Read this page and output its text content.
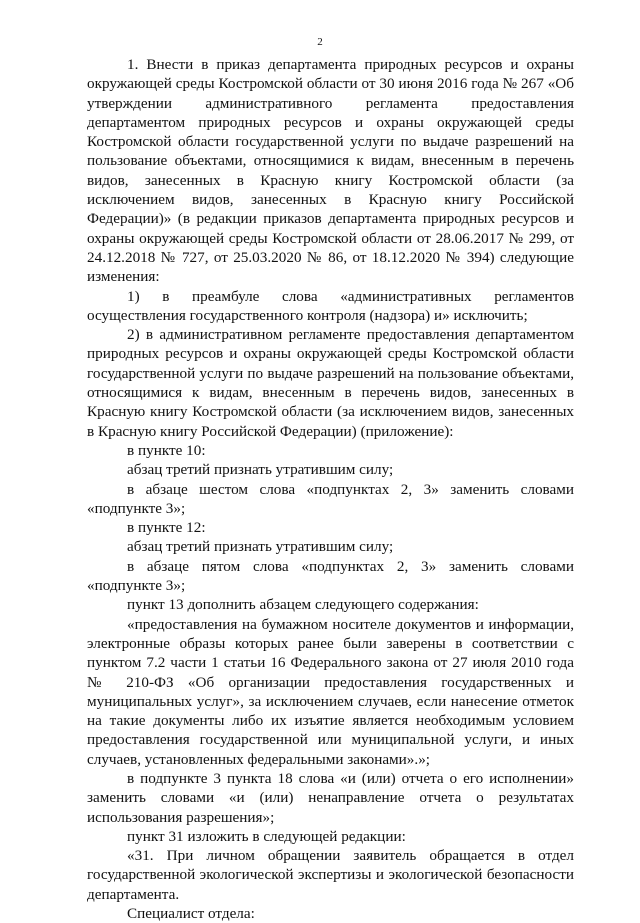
2

1. Внести в приказ департамента природных ресурсов и охраны окружающей среды Костромской области от 30 июня 2016 года № 267 «Об утверждении административного регламента предоставления департаментом природных ресурсов и охраны окружающей среды Костромской области государственной услуги по выдаче разрешений на пользование объектами, относящимися к видам, внесенным в перечень видов, занесенных в Красную книгу Костромской области (за исключением видов, занесенных в Красную книгу Российской Федерации)» (в редакции приказов департамента природных ресурсов и охраны окружающей среды Костромской области от 28.06.2017 № 299, от 24.12.2018 № 727, от 25.03.2020 № 86, от 18.12.2020 № 394) следующие изменения:

1) в преамбуле слова «административных регламентов осуществления государственного контроля (надзора) и» исключить;

2) в административном регламенте предоставления департаментом природных ресурсов и охраны окружающей среды Костромской области государственной услуги по выдаче разрешений на пользование объектами, относящимися к видам, внесенным в перечень видов, занесенных в Красную книгу Костромской области (за исключением видов, занесенных в Красную книгу Российской Федерации) (приложение):

в пункте 10:

абзац третий признать утратившим силу;

в абзаце шестом слова «подпунктах 2, 3» заменить словами «подпункте 3»;

в пункте 12:

абзац третий признать утратившим силу;

в абзаце пятом слова «подпунктах 2, 3» заменить словами «подпункте 3»;

пункт 13 дополнить абзацем следующего содержания:

«предоставления на бумажном носителе документов и информации, электронные образы которых ранее были заверены в соответствии с пунктом 7.2 части 1 статьи 16 Федерального закона от 27 июля 2010 года № 210-ФЗ «Об организации предоставления государственных и муниципальных услуг», за исключением случаев, если нанесение отметок на такие документы либо их изъятие является необходимым условием предоставления государственной или муниципальной услуги, и иных случаев, установленных федеральными законами».»;

в подпункте 3 пункта 18 слова «и (или) отчета о его исполнении» заменить словами «и (или) ненаправление отчета о результатах использования разрешения»;

пункт 31 изложить в следующей редакции:

«31. При личном обращении заявитель обращается в отдел государственной экологической экспертизы и экологической безопасности департамента.

Специалист отдела:
